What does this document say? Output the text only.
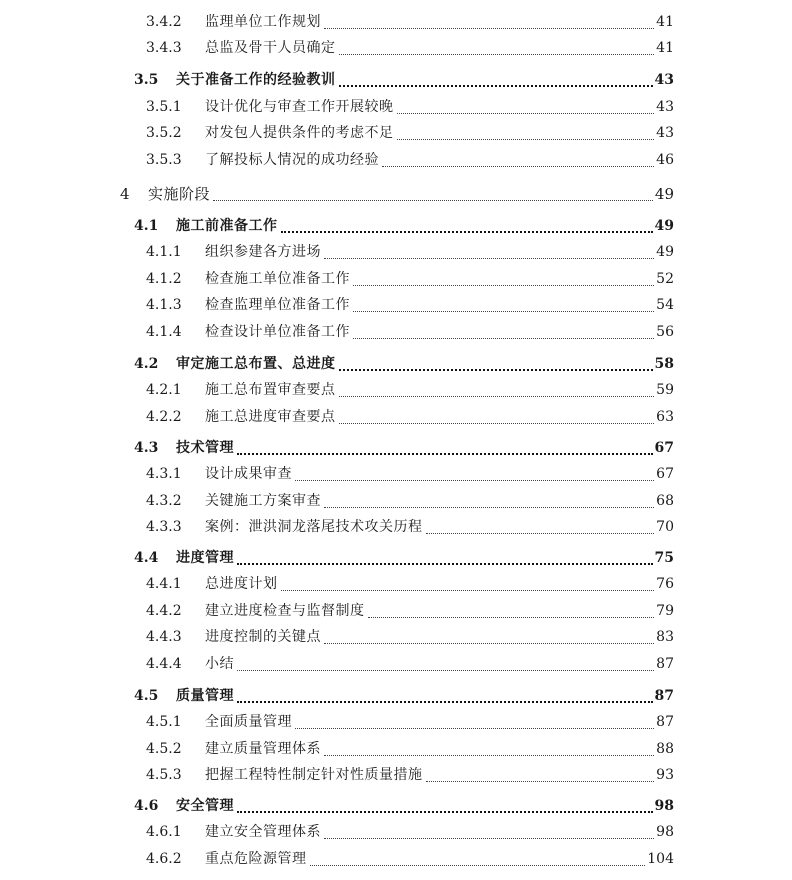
3.4.2 监理单位工作规划	41
3.4.3 总监及骨干人员确定	41
3.5 关于准备工作的经验教训	43
3.5.1 设计优化与审查工作开展较晚	43
3.5.2 对发包人提供条件的考虑不足	43
3.5.3 了解投标人情况的成功经验	46
4 实施阶段	49
4.1 施工前准备工作	49
4.1.1 组织参建各方进场	49
4.1.2 检查施工单位准备工作	52
4.1.3 检查监理单位准备工作	54
4.1.4 检查设计单位准备工作	56
4.2 审定施工总布置、总进度	58
4.2.1 施工总布置审查要点	59
4.2.2 施工总进度审查要点	63
4.3 技术管理	67
4.3.1 设计成果审查	67
4.3.2 关键施工方案审查	68
4.3.3 案例：泄洪洞龙落尾技术攻关历程	70
4.4 进度管理	75
4.4.1 总进度计划	76
4.4.2 建立进度检查与监督制度	79
4.4.3 进度控制的关键点	83
4.4.4 小结	87
4.5 质量管理	87
4.5.1 全面质量管理	87
4.5.2 建立质量管理体系	88
4.5.3 把握工程特性制定针对性质量措施	93
4.6 安全管理	98
4.6.1 建立安全管理体系	98
4.6.2 重点危险源管理	104
